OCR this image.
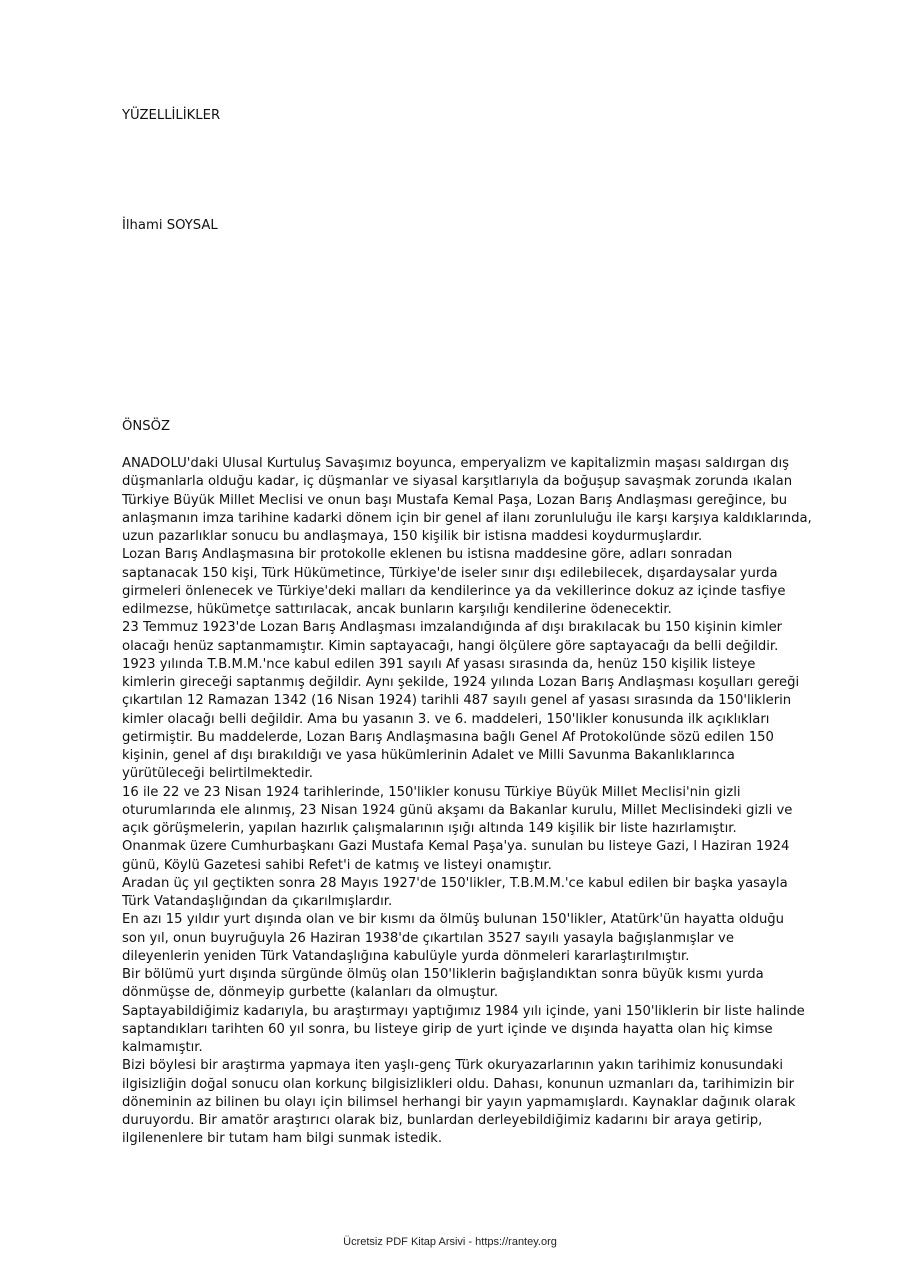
YÜZELLİLİKLER
İlhami SOYSAL
ÖNSÖZ
ANADOLU'daki Ulusal Kurtuluş Savaşımız boyunca, emperyalizm ve kapitalizmin maşası saldırgan dış
düşmanlarla olduğu kadar, iç düşmanlar ve siyasal karşıtlarıyla da boğuşup savaşmak zorunda ıkalan
Türkiye Büyük Millet Meclisi ve onun başı Mustafa Kemal Paşa, Lozan Barış Andlaşması gereğince, bu
anlaşmanın imza tarihine kadarki dönem için bir genel af ilanı zorunluluğu ile karşı karşıya kaldıklarında,
uzun pazarlıklar sonucu bu andlaşmaya, 150 kişilik bir istisna maddesi koydurmuşlardır.
Lozan Barış Andlaşmasına bir protokolle eklenen bu istisna maddesine göre, adları sonradan
saptanacak 150 kişi, Türk Hükümetince, Türkiye'de iseler sınır dışı edilebilecek, dışardaysalar yurda
girmeleri önlenecek ve Türkiye'deki malları da kendilerince ya da vekillerince dokuz az içinde tasfiye
edilmezse, hükümetçe sattırılacak, ancak bunların karşılığı kendilerine ödenecektir.
23 Temmuz 1923'de Lozan Barış Andlaşması imzalandığında af dışı bırakılacak bu 150 kişinin kimler
olacağı henüz saptanmamıştır. Kimin saptayacağı, hangi ölçülere göre saptayacağı da belli değildir.
1923 yılında T.B.M.M.'nce kabul edilen 391 sayılı Af yasası sırasında da, henüz 150 kişilik listeye
kimlerin gireceği saptanmış değildir. Aynı şekilde, 1924 yılında Lozan Barış Andlaşması koşulları gereği
çıkartılan 12 Ramazan 1342 (16 Nisan 1924) tarihli 487 sayılı genel af yasası sırasında da 150'liklerin
kimler olacağı belli değildir. Ama bu yasanın 3. ve 6. maddeleri, 150'likler konusunda ilk açıklıkları
getirmiştir. Bu maddelerde, Lozan Barış Andlaşmasına bağlı Genel Af Protokolünde sözü edilen 150
kişinin, genel af dışı bırakıldığı ve yasa hükümlerinin Adalet ve Milli Savunma Bakanlıklarınca
yürütüleceği belirtilmektedir.
16 ile 22 ve 23 Nisan 1924 tarihlerinde, 150'likler konusu Türkiye Büyük Millet Meclisi'nin gizli
oturumlarında ele alınmış, 23 Nisan 1924 günü akşamı da Bakanlar kurulu, Millet Meclisindeki gizli ve
açık görüşmelerin, yapılan hazırlık çalışmalarının ışığı altında 149 kişilik bir liste hazırlamıştır.
Onanmak üzere Cumhurbaşkanı Gazi Mustafa Kemal Paşa'ya. sunulan bu listeye Gazi, l Haziran 1924
günü, Köylü Gazetesi sahibi Refet'i de katmış ve listeyi onamıştır.
Aradan üç yıl geçtikten sonra 28 Mayıs 1927'de 150'likler, T.B.M.M.'ce kabul edilen bir başka yasayla
Türk Vatandaşlığından da çıkarılmışlardır.
En azı 15 yıldır yurt dışında olan ve bir kısmı da ölmüş bulunan 150'likler, Atatürk'ün hayatta olduğu
son yıl, onun buyruğuyla 26 Haziran 1938'de çıkartılan 3527 sayılı yasayla bağışlanmışlar ve
dileyenlerin yeniden Türk Vatandaşlığına kabulüyle yurda dönmeleri kararlaştırılmıştır.
Bir bölümü yurt dışında sürgünde ölmüş olan 150'liklerin bağışlandıktan sonra büyük kısmı yurda
dönmüşse de, dönmeyip gurbette (kalanları da olmuştur.
Saptayabildiğimiz kadarıyla, bu araştırmayı yaptığımız 1984 yılı içinde, yani 150'liklerin bir liste halinde
saptandıkları tarihten 60 yıl sonra, bu listeye girip de yurt içinde ve dışında hayatta olan hiç kimse
kalmamıştır.
Bizi böylesi bir araştırma yapmaya iten yaşlı-genç Türk okuryazarlarının yakın tarihimiz konusundaki
ilgisizliğin doğal sonucu olan korkunç bilgisizlikleri oldu. Dahası, konunun uzmanları da, tarihimizin bir
döneminin az bilinen bu olayı için bilimsel herhangi bir yayın yapmamışlardı. Kaynaklar dağınık olarak
duruyordu. Bir amatör araştırıcı olarak biz, bunlardan derleyebildiğimiz kadarını bir araya getirip,
ilgilenenlere bir tutam ham bilgi sunmak istedik.
Ücretsiz PDF Kitap Arsivi - https://rantey.org
